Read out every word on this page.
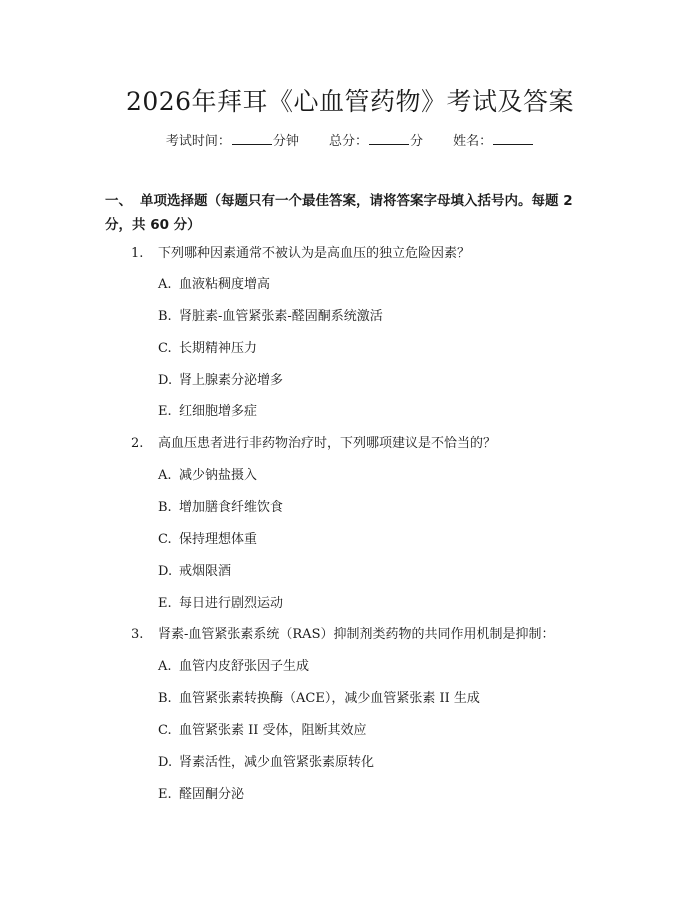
2026年拜耳《心血管药物》考试及答案
考试时间：	分钟 总分：	分 姓名：
一、 单项选择题（每题只有一个最佳答案，请将答案字母填入括号内。每题 2 分，共 60 分）
1. 下列哪种因素通常不被认为是高血压的独立危险因素？
A. 血液粘稠度增高
B. 肾脏素-血管紧张素-醛固酮系统激活
C. 长期精神压力
D. 肾上腺素分泌增多
E. 红细胞增多症
2. 高血压患者进行非药物治疗时，下列哪项建议是不恰当的？
A. 减少钠盐摄入
B. 增加膳食纤维饮食
C. 保持理想体重
D. 戒烟限酒
E. 每日进行剧烈运动
3. 肾素-血管紧张素系统（RAS）抑制剂类药物的共同作用机制是抑制：
A. 血管内皮舒张因子生成
B. 血管紧张素转换酶（ACE），减少血管紧张素 II 生成
C. 血管紧张素 II 受体，阻断其效应
D. 肾素活性，减少血管紧张素原转化
E. 醛固酮分泌
